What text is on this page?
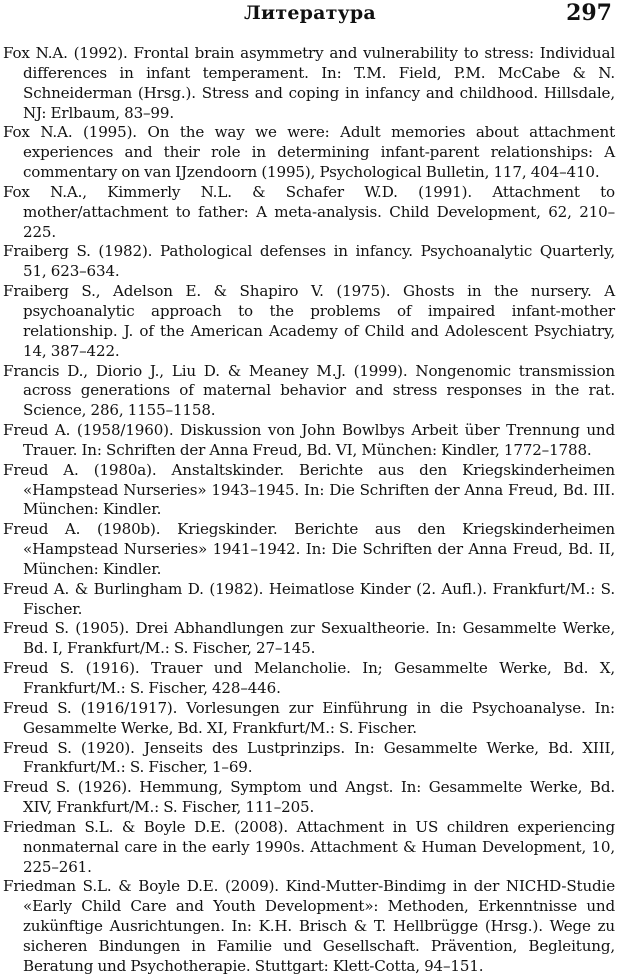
Литература	297
Fox N.A. (1992). Frontal brain asymmetry and vulnerability to stress: Individual differences in infant temperament. In: T.M. Field, P.M. McCabe & N. Schneiderman (Hrsg.). Stress and coping in infancy and childhood. Hillsdale, NJ: Erlbaum, 83–99.
Fox N.A. (1995). On the way we were: Adult memories about attachment experiences and their role in determining infant-parent relationships: A commentary on van IJzendoorn (1995), Psychological Bulletin, 117, 404–410.
Fox N.A., Kimmerly N.L. & Schafer W.D. (1991). Attachment to mother/attachment to father: A meta-analysis. Child Development, 62, 210–225.
Fraiberg S. (1982). Pathological defenses in infancy. Psychoanalytic Quarterly, 51, 623–634.
Fraiberg S., Adelson E. & Shapiro V. (1975). Ghosts in the nursery. A psychoanalytic approach to the problems of impaired infant-mother relationship. J. of the American Academy of Child and Adolescent Psychiatry, 14, 387–422.
Francis D., Diorio J., Liu D. & Meaney M.J. (1999). Nongenomic transmission across generations of maternal behavior and stress responses in the rat. Science, 286, 1155–1158.
Freud A. (1958/1960). Diskussion von John Bowlbys Arbeit über Trennung und Trauer. In: Schriften der Anna Freud, Bd. VI, München: Kindler, 1772–1788.
Freud A. (1980a). Anstaltskinder. Berichte aus den Kriegskinderheimen «Hampstead Nurseries» 1943–1945. In: Die Schriften der Anna Freud, Bd. III. München: Kindler.
Freud A. (1980b). Kriegskinder. Berichte aus den Kriegskinderheimen «Hampstead Nurseries» 1941–1942. In: Die Schriften der Anna Freud, Bd. II, München: Kindler.
Freud A. & Burlingham D. (1982). Heimatlose Kinder (2. Aufl.). Frankfurt/M.: S. Fischer.
Freud S. (1905). Drei Abhandlungen zur Sexualtheorie. In: Gesammelte Werke, Bd. I, Frankfurt/M.: S. Fischer, 27–145.
Freud S. (1916). Trauer und Melancholie. In; Gesammelte Werke, Bd. X, Frankfurt/M.: S. Fischer, 428–446.
Freud S. (1916/1917). Vorlesungen zur Einführung in die Psychoanalyse. In: Gesammelte Werke, Bd. XI, Frankfurt/M.: S. Fischer.
Freud S. (1920). Jenseits des Lustprinzips. In: Gesammelte Werke, Bd. XIII, Frankfurt/M.: S. Fischer, 1–69.
Freud S. (1926). Hemmung, Symptom und Angst. In: Gesammelte Werke, Bd. XIV, Frankfurt/M.: S. Fischer, 111–205.
Friedman S.L. & Boyle D.E. (2008). Attachment in US children experiencing nonmaternal care in the early 1990s. Attachment & Human Development, 10, 225–261.
Friedman S.L. & Boyle D.E. (2009). Kind-Mutter-Bindimg in der NICHD-Studie «Early Child Care and Youth Development»: Methoden, Erkenntnisse und zukünftige Ausrichtungen. In: K.H. Brisch & T. Hellbrügge (Hrsg.). Wege zu sicheren Bindungen in Familie und Gesellschaft. Prävention, Begleitung, Beratung und Psychotherapie. Stuttgart: Klett-Cotta, 94–151.
